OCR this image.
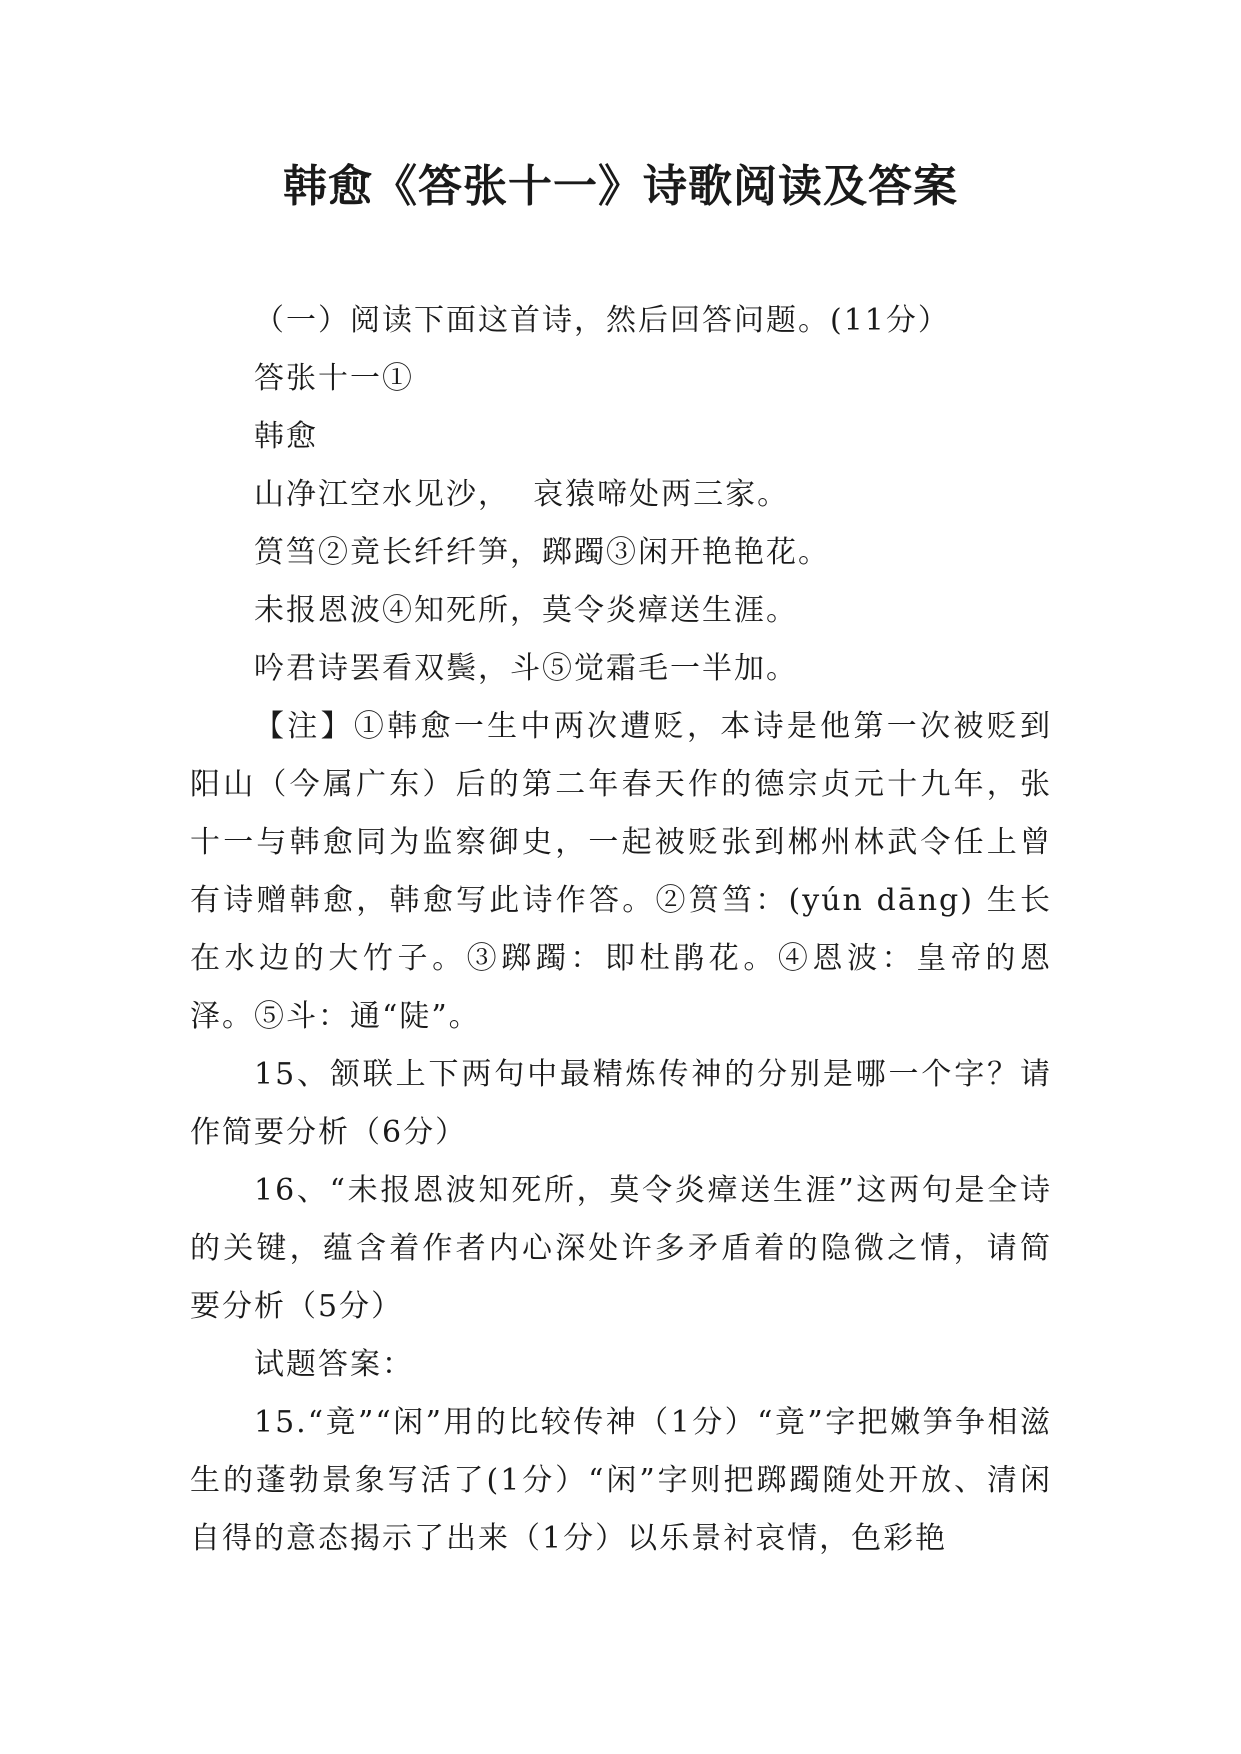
韩愈《答张十一》诗歌阅读及答案

（一）阅读下面这首诗，然后回答问题。(11分）

答张十一①

韩愈

山净江空水见沙，  哀猿啼处两三家。

筼筜②竟长纤纤笋，踯躅③闲开艳艳花。

未报恩波④知死所，莫令炎瘴送生涯。

吟君诗罢看双鬓，斗⑤觉霜毛一半加。

【注】①韩愈一生中两次遭贬，本诗是他第一次被贬到阳山（今属广东）后的第二年春天作的德宗贞元十九年，张十一与韩愈同为监察御史，一起被贬张到郴州林武令任上曾有诗赠韩愈，韩愈写此诗作答。②筼筜：(yún dāng) 生长在水边的大竹子。③踯躅：即杜鹃花。④恩波：皇帝的恩泽。⑤斗：通“陡”。

15、颔联上下两句中最精炼传神的分别是哪一个字？请作简要分析（6分）

16、“未报恩波知死所，莫令炎瘴送生涯”这两句是全诗的关键，蕴含着作者内心深处许多矛盾着的隐微之情，请简要分析（5分）

试题答案：

15.“竟”“闲”用的比较传神（1分）“竟”字把嫩笋争相滋生的蓬勃景象写活了(1分）“闲”字则把踯躅随处开放、清闲自得的意态揭示了出来（1分）以乐景衬哀情，色彩艳
